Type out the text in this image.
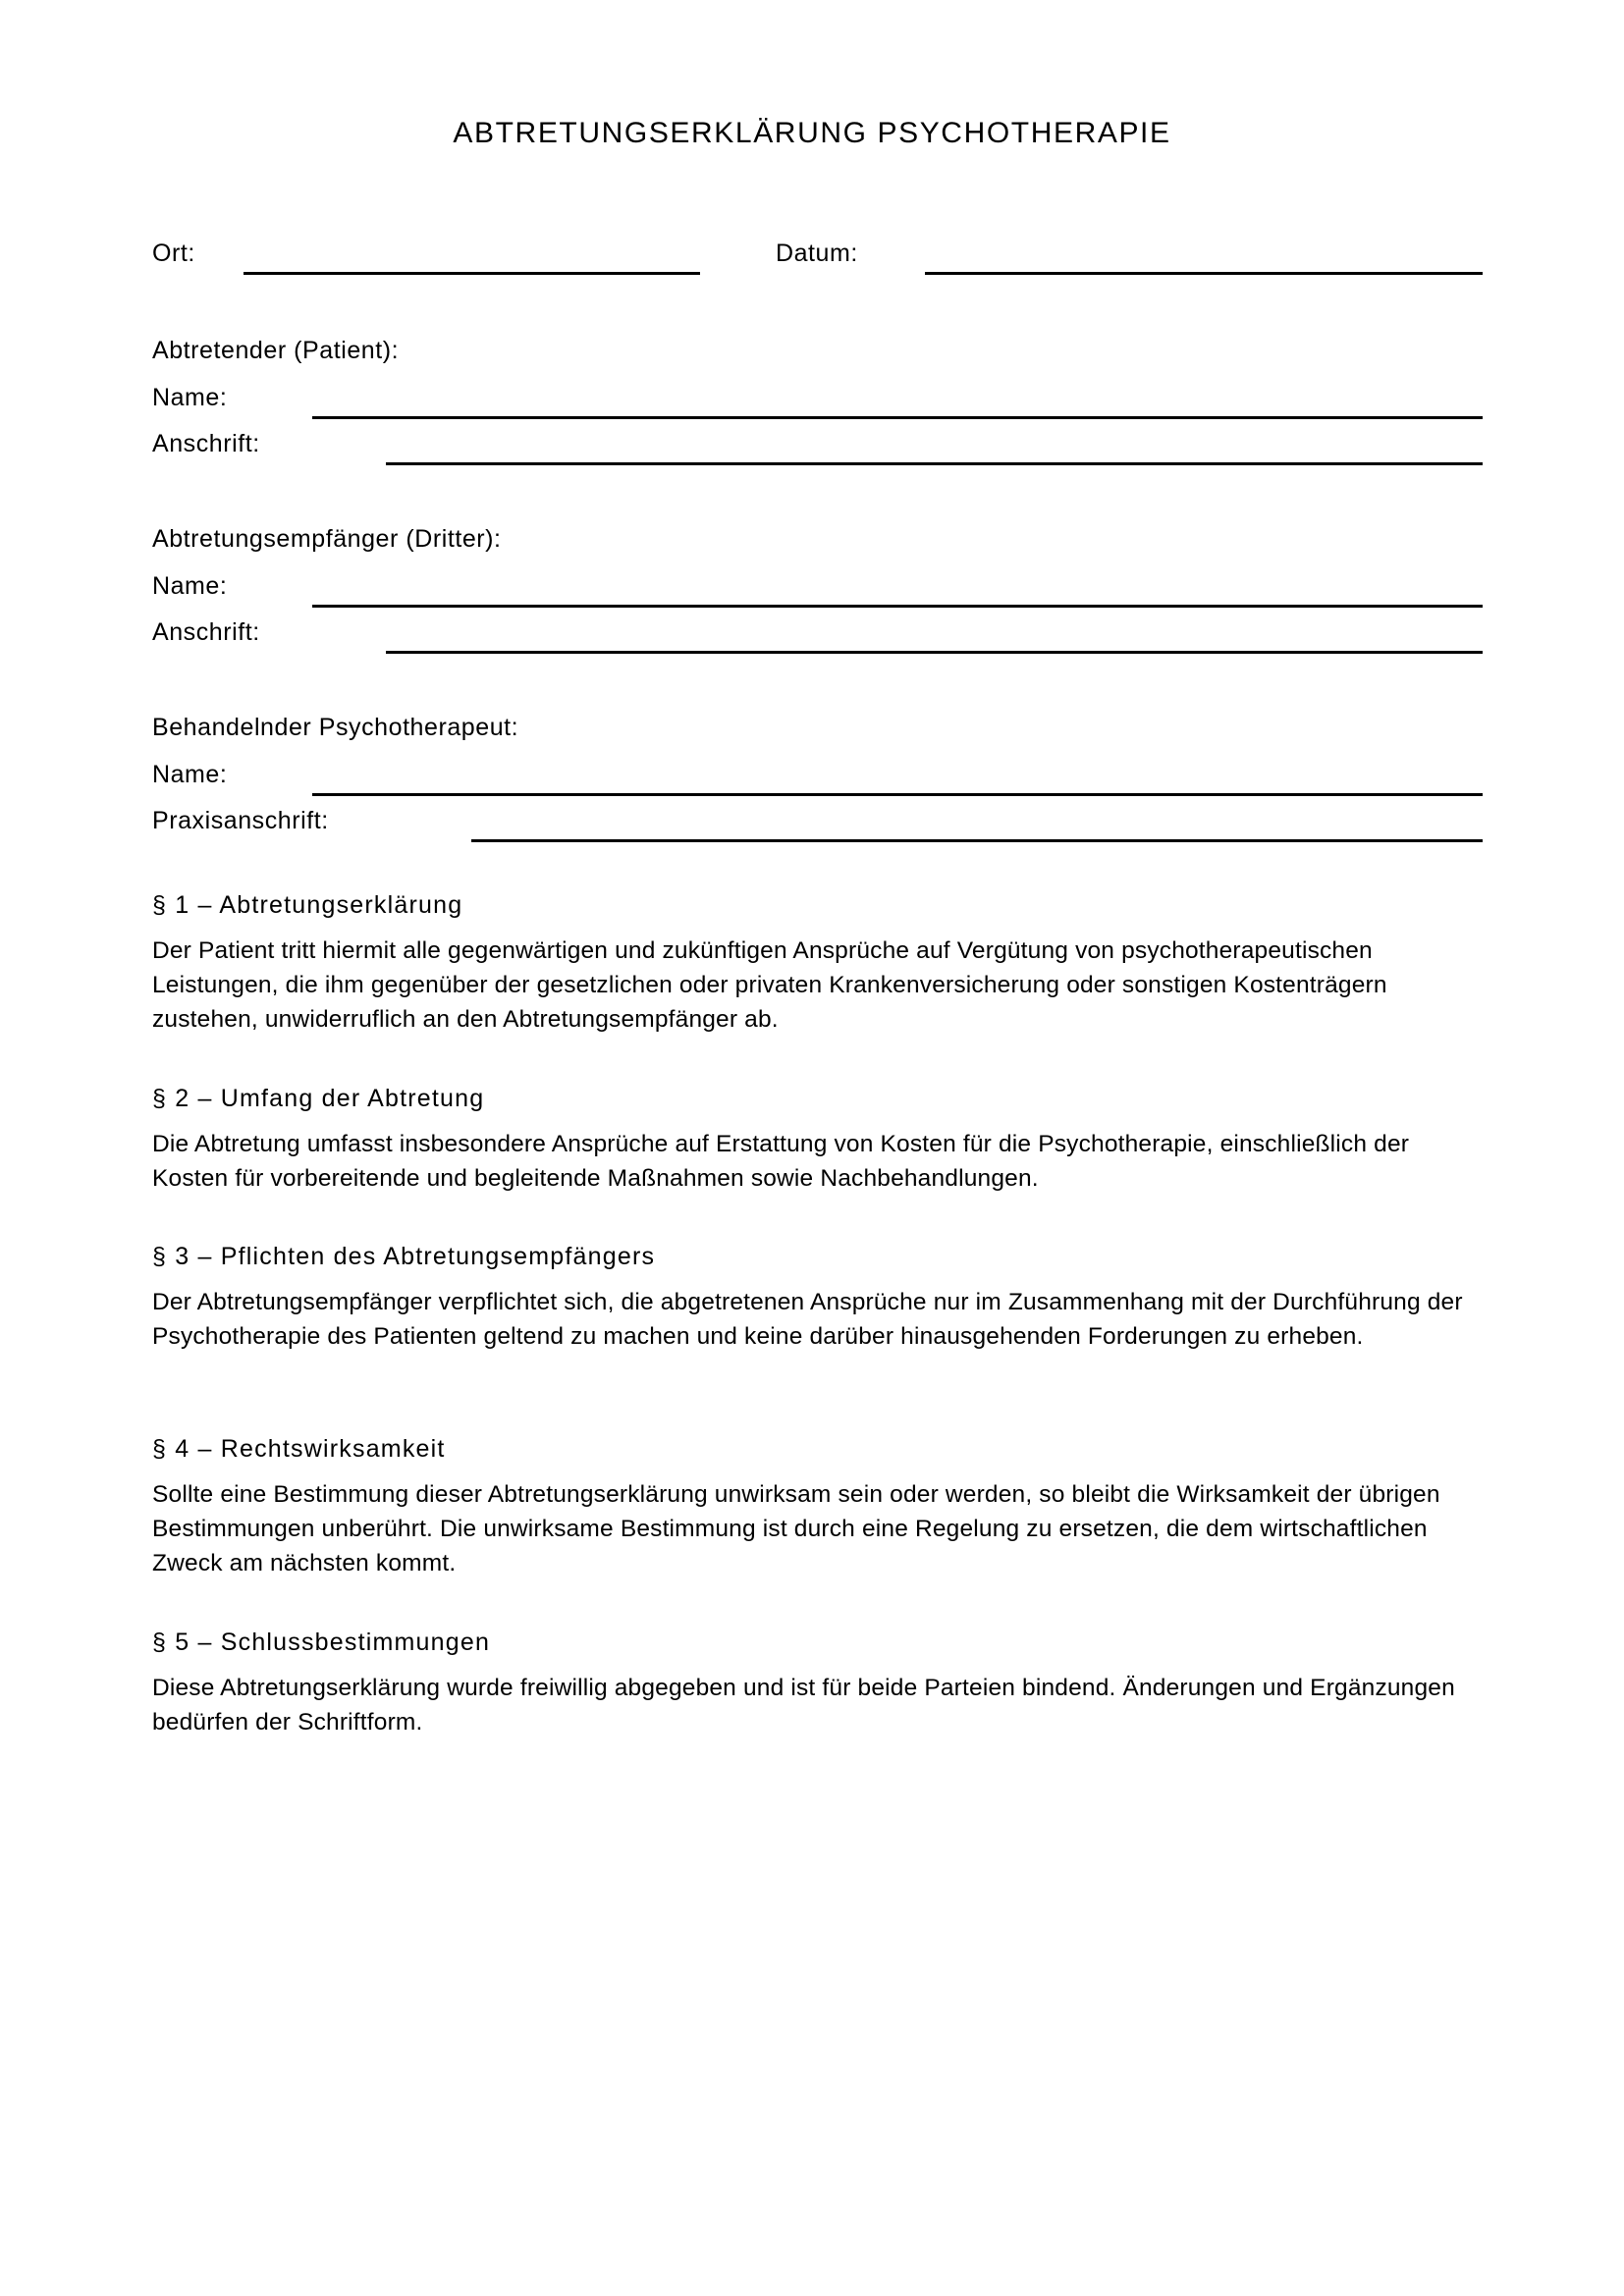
ABTRETUNGSERKLÄRUNG PSYCHOTHERAPIE
Ort:	Datum:
Abtretender (Patient):
Name:
Anschrift:
Abtretungsempfänger (Dritter):
Name:
Anschrift:
Behandelnder Psychotherapeut:
Name:
Praxisanschrift:
§ 1 – Abtretungserklärung

Der Patient tritt hiermit alle gegenwärtigen und zukünftigen Ansprüche auf Vergütung von psychotherapeutischen Leistungen, die ihm gegenüber der gesetzlichen oder privaten Krankenversicherung oder sonstigen Kostenträgern zustehen, unwiderruflich an den Abtretungsempfänger ab.

§ 2 – Umfang der Abtretung

Die Abtretung umfasst insbesondere Ansprüche auf Erstattung von Kosten für die Psychotherapie, einschließlich der Kosten für vorbereitende und begleitende Maßnahmen sowie Nachbehandlungen.

§ 3 – Pflichten des Abtretungsempfängers

Der Abtretungsempfänger verpflichtet sich, die abgetretenen Ansprüche nur im Zusammenhang mit der Durchführung der Psychotherapie des Patienten geltend zu machen und keine darüber hinausgehenden Forderungen zu erheben.

§ 4 – Rechtswirksamkeit

Sollte eine Bestimmung dieser Abtretungserklärung unwirksam sein oder werden, so bleibt die Wirksamkeit der übrigen Bestimmungen unberührt. Die unwirksame Bestimmung ist durch eine Regelung zu ersetzen, die dem wirtschaftlichen Zweck am nächsten kommt.

§ 5 – Schlussbestimmungen

Diese Abtretungserklärung wurde freiwillig abgegeben und ist für beide Parteien bindend. Änderungen und Ergänzungen bedürfen der Schriftform.
